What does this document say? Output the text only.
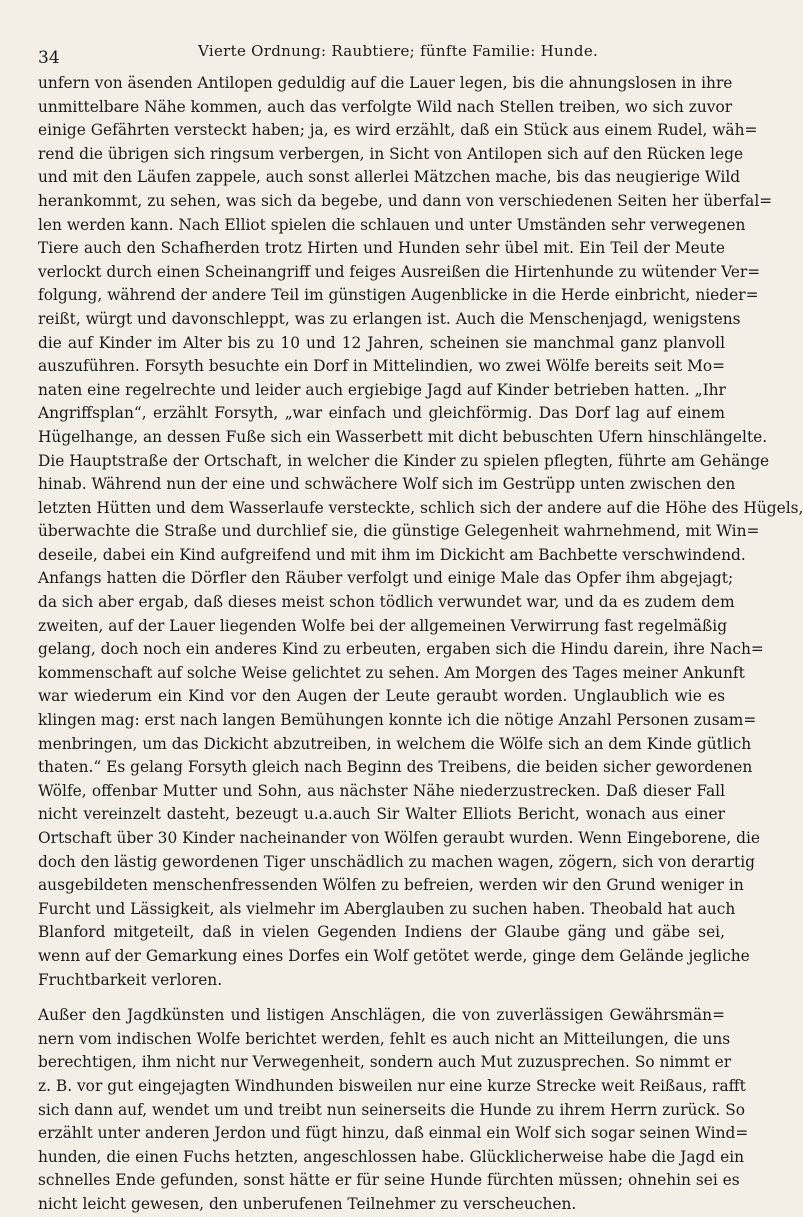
34	Vierte Ordnung: Raubtiere; fünfte Familie: Hunde.
unfern von äsenden Antilopen geduldig auf die Lauer legen, bis die ahnungslosen in ihre
unmittelbare Nähe kommen, auch das verfolgte Wild nach Stellen treiben, wo sich zuvor
einige Gefährten versteckt haben; ja, es wird erzählt, daß ein Stück aus einem Rudel, wäh=
rend die übrigen sich ringsum verbergen, in Sicht von Antilopen sich auf den Rücken lege
und mit den Läufen zappele, auch sonst allerlei Mätzchen mache, bis das neugierige Wild
herankommt, zu sehen, was sich da begebe, und dann von verschiedenen Seiten her überfal=
len werden kann. Nach Elliot spielen die schlauen und unter Umständen sehr verwegenen
Tiere auch den Schafherden trotz Hirten und Hunden sehr übel mit. Ein Teil der Meute
verlockt durch einen Scheinangriff und feiges Ausreißen die Hirtenhunde zu wütender Ver=
folgung, während der andere Teil im günstigen Augenblicke in die Herde einbricht, nieder=
reißt, würgt und davonschleppt, was zu erlangen ist. Auch die Menschenjagd, wenigstens
die auf Kinder im Alter bis zu 10 und 12 Jahren, scheinen sie manchmal ganz planvoll
auszuführen. Forsyth besuchte ein Dorf in Mittelindien, wo zwei Wölfe bereits seit Mo=
naten eine regelrechte und leider auch ergiebige Jagd auf Kinder betrieben hatten. „Ihr
Angriffsplan“, erzählt Forsyth, „war einfach und gleichförmig. Das Dorf lag auf einem
Hügelhange, an dessen Fuße sich ein Wasserbett mit dicht bebuschten Ufern hinschlängelte.
Die Hauptstraße der Ortschaft, in welcher die Kinder zu spielen pflegten, führte am Gehänge
hinab. Während nun der eine und schwächere Wolf sich im Gestrüpp unten zwischen den
letzten Hütten und dem Wasserlaufe versteckte, schlich sich der andere auf die Höhe des Hügels,
überwachte die Straße und durchlief sie, die günstige Gelegenheit wahrnehmend, mit Win=
deseile, dabei ein Kind aufgreifend und mit ihm im Dickicht am Bachbette verschwindend.
Anfangs hatten die Dörfler den Räuber verfolgt und einige Male das Opfer ihm abgejagt;
da sich aber ergab, daß dieses meist schon tödlich verwundet war, und da es zudem dem
zweiten, auf der Lauer liegenden Wolfe bei der allgemeinen Verwirrung fast regelmäßig
gelang, doch noch ein anderes Kind zu erbeuten, ergaben sich die Hindu darein, ihre Nach=
kommenschaft auf solche Weise gelichtet zu sehen. Am Morgen des Tages meiner Ankunft
war wiederum ein Kind vor den Augen der Leute geraubt worden. Unglaublich wie es
klingen mag: erst nach langen Bemühungen konnte ich die nötige Anzahl Personen zusam=
menbringen, um das Dickicht abzutreiben, in welchem die Wölfe sich an dem Kinde gütlich
thaten.“ Es gelang Forsyth gleich nach Beginn des Treibens, die beiden sicher gewordenen
Wölfe, offenbar Mutter und Sohn, aus nächster Nähe niederzustrecken. Daß dieser Fall
nicht vereinzelt dasteht, bezeugt u.a.auch Sir Walter Elliots Bericht, wonach aus einer
Ortschaft über 30 Kinder nacheinander von Wölfen geraubt wurden. Wenn Eingeborene, die
doch den lästig gewordenen Tiger unschädlich zu machen wagen, zögern, sich von derartig
ausgebildeten menschenfressenden Wölfen zu befreien, werden wir den Grund weniger in
Furcht und Lässigkeit, als vielmehr im Aberglauben zu suchen haben. Theobald hat auch
Blanford mitgeteilt, daß in vielen Gegenden Indiens der Glaube gäng und gäbe sei,
wenn auf der Gemarkung eines Dorfes ein Wolf getötet werde, ginge dem Gelände jegliche
Fruchtbarkeit verloren.
Außer den Jagdkünsten und listigen Anschlägen, die von zuverlässigen Gewährsmän=
nern vom indischen Wolfe berichtet werden, fehlt es auch nicht an Mitteilungen, die uns
berechtigen, ihm nicht nur Verwegenheit, sondern auch Mut zuzusprechen. So nimmt er
z. B. vor gut eingejagten Windhunden bisweilen nur eine kurze Strecke weit Reißaus, rafft
sich dann auf, wendet um und treibt nun seinerseits die Hunde zu ihrem Herrn zurück. So
erzählt unter anderen Jerdon und fügt hinzu, daß einmal ein Wolf sich sogar seinen Wind=
hunden, die einen Fuchs hetzten, angeschlossen habe. Glücklicherweise habe die Jagd ein
schnelles Ende gefunden, sonst hätte er für seine Hunde fürchten müssen; ohnehin sei es
nicht leicht gewesen, den unberufenen Teilnehmer zu verscheuchen.
